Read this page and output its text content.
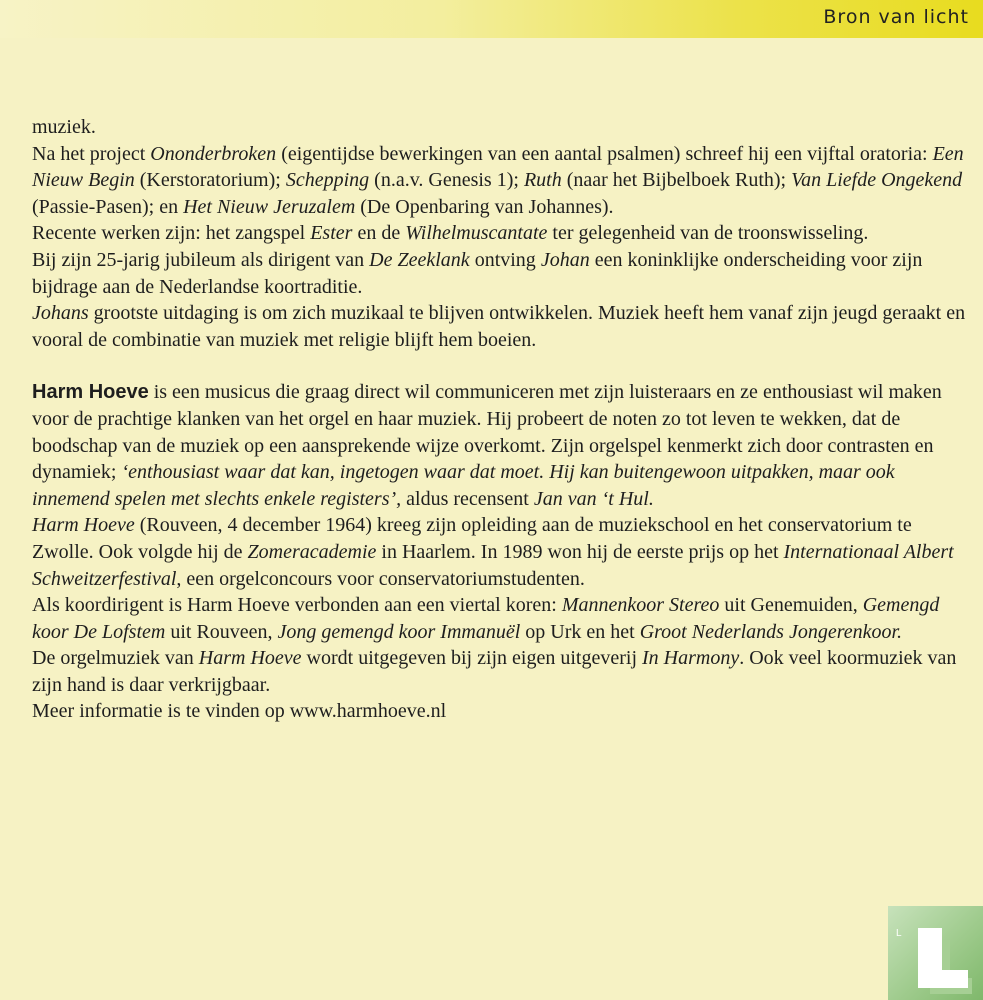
Bron van licht

muziek.

Na het project Ononderbroken (eigentijdse bewerkingen van een aantal psalmen) schreef hij een vijftal oratoria: Een Nieuw Begin (Kerstoratorium); Schepping (n.a.v. Genesis 1); Ruth (naar het Bijbelboek Ruth); Van Liefde Ongekend (Passie-Pasen); en Het Nieuw Jeruzalem (De Openbaring van Johannes).

Recente werken zijn: het zangspel Ester en de Wilhelmuscantate ter gelegenheid van de troonswisseling.

Bij zijn 25-jarig jubileum als dirigent van De Zeeklank ontving Johan een koninklijke onderscheiding voor zijn bijdrage aan de Nederlandse koortraditie.

Johans grootste uitdaging is om zich muzikaal te blijven ontwikkelen. Muziek heeft hem vanaf zijn jeugd geraakt en vooral de combinatie van muziek met religie blijft hem boeien.

Harm Hoeve is een musicus die graag direct wil communiceren met zijn luisteraars en ze enthousiast wil maken voor de prachtige klanken van het orgel en haar muziek. Hij probeert de noten zo tot leven te wekken, dat de boodschap van de muziek op een aansprekende wijze overkomt. Zijn orgelspel kenmerkt zich door contrasten en dynamiek; ‘enthousiast waar dat kan, ingetogen waar dat moet. Hij kan buitengewoon uitpakken, maar ook innemend spelen met slechts enkele registers’, aldus recensent Jan van ‘t Hul.

Harm Hoeve (Rouveen, 4 december 1964) kreeg zijn opleiding aan de muziekschool en het conservatorium te Zwolle. Ook volgde hij de Zomeracademie in Haarlem. In 1989 won hij de eerste prijs op het Internationaal Albert Schweitzerfestival, een orgelconcours voor conservatoriumstudenten.

Als koordirigent is Harm Hoeve verbonden aan een viertal koren: Mannenkoor Stereo uit Genemuiden, Gemengd koor De Lofstem uit Rouveen, Jong gemengd koor Immanuël op Urk en het Groot Nederlands Jongerenkoor.

De orgelmuziek van Harm Hoeve wordt uitgegeven bij zijn eigen uitgeverij In Harmony. Ook veel koormuziek van zijn hand is daar verkrijgbaar.

Meer informatie is te vinden op www.harmhoeve.nl

L
